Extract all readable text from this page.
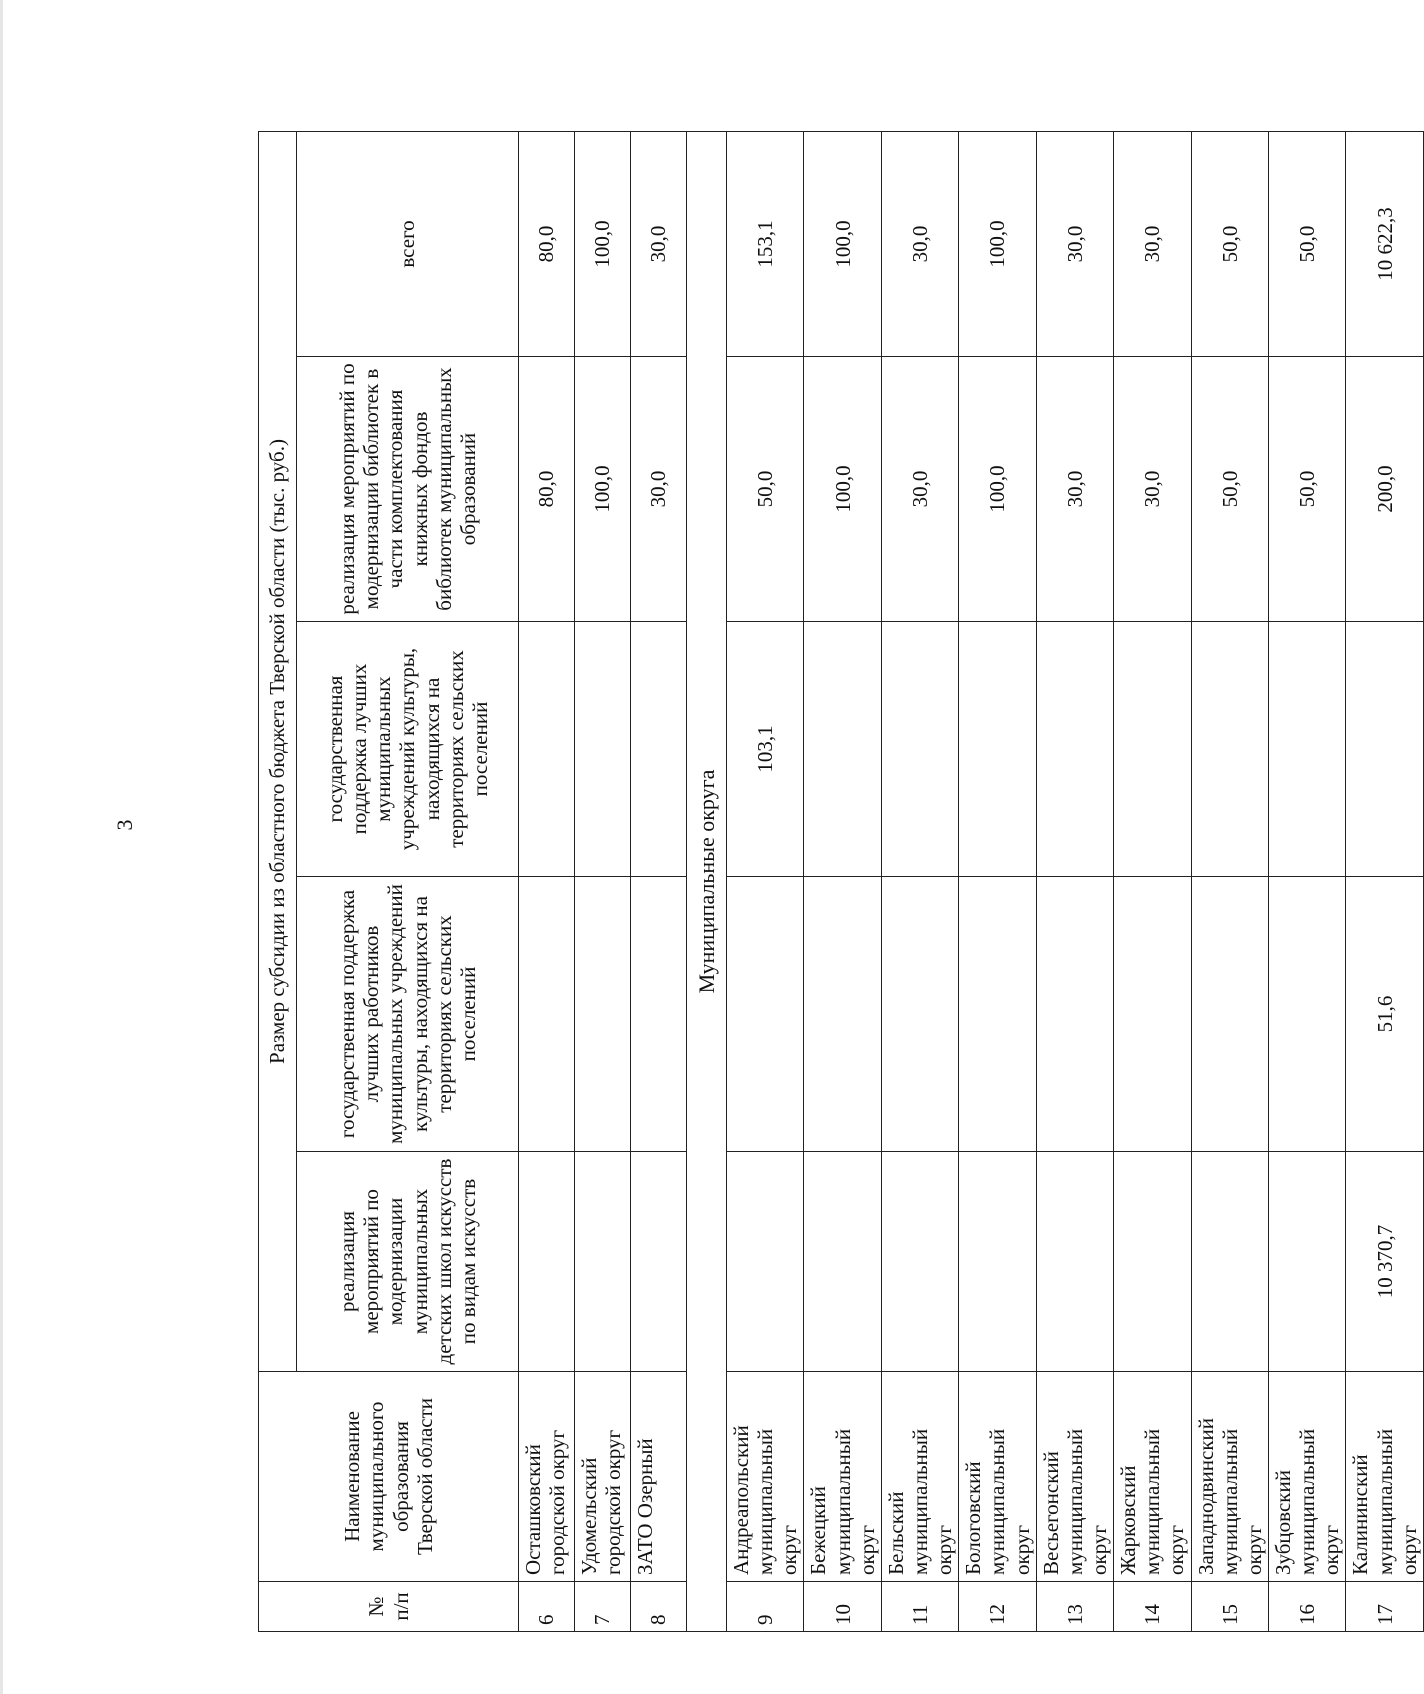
3
№ п/п	Наименование муниципального образования Тверской области	Размер субсидии из областного бюджета Тверской области (тыс. руб.)				
		реализация мероприятий по модернизации муниципальных детских школ искусств по видам искусств	государственная поддержка лучших работников муниципальных учреждений культуры, находящихся на территориях сельских поселений	государственная поддержка лучших муниципальных учреждений культуры, находящихся на территориях сельских поселений	реализация мероприятий по модернизации библиотек в части комплектования книжных фондов библиотек муниципальных образований	всего
6	Осташковский городской округ				80,0	80,0
7	Удомельский городской округ				100,0	100,0
8	ЗАТО Озерный				30,0	30,0
Муниципальные округа						
9	Андреапольский муниципальный округ			103,1	50,0	153,1
10	Бежецкий муниципальный округ				100,0	100,0
11	Бельский муниципальный округ				30,0	30,0
12	Бологовский муниципальный округ				100,0	100,0
13	Весьегонский муниципальный округ				30,0	30,0
14	Жарковский муниципальный округ				30,0	30,0
15	Западнодвинский муниципальный округ				50,0	50,0
16	Зубцовский муниципальный округ				50,0	50,0
17	Калининский муниципальный округ	10 370,7	51,6		200,0	10 622,3
